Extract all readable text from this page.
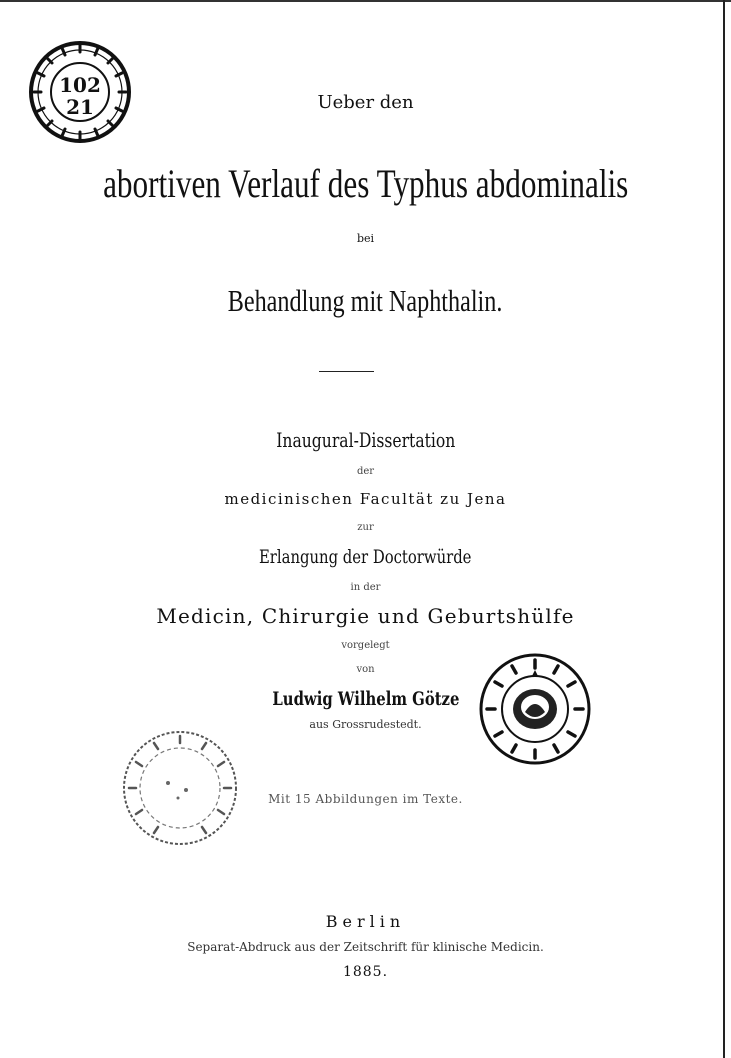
Ueber den
abortiven Verlauf des Typhus abdominalis
bei
Behandlung mit Naphthalin.
Inaugural-Dissertation
der
medicinischen Facultät zu Jena
zur
Erlangung der Doctorwürde
in der
Medicin, Chirurgie und Geburtshülfe
vorgelegt
von
Ludwig Wilhelm Götze
aus Grossrudestedt.
Mit 15 Abbildungen im Texte.
Berlin
Separat-Abdruck aus der Zeitschrift für klinische Medicin.
1885.
102
21
